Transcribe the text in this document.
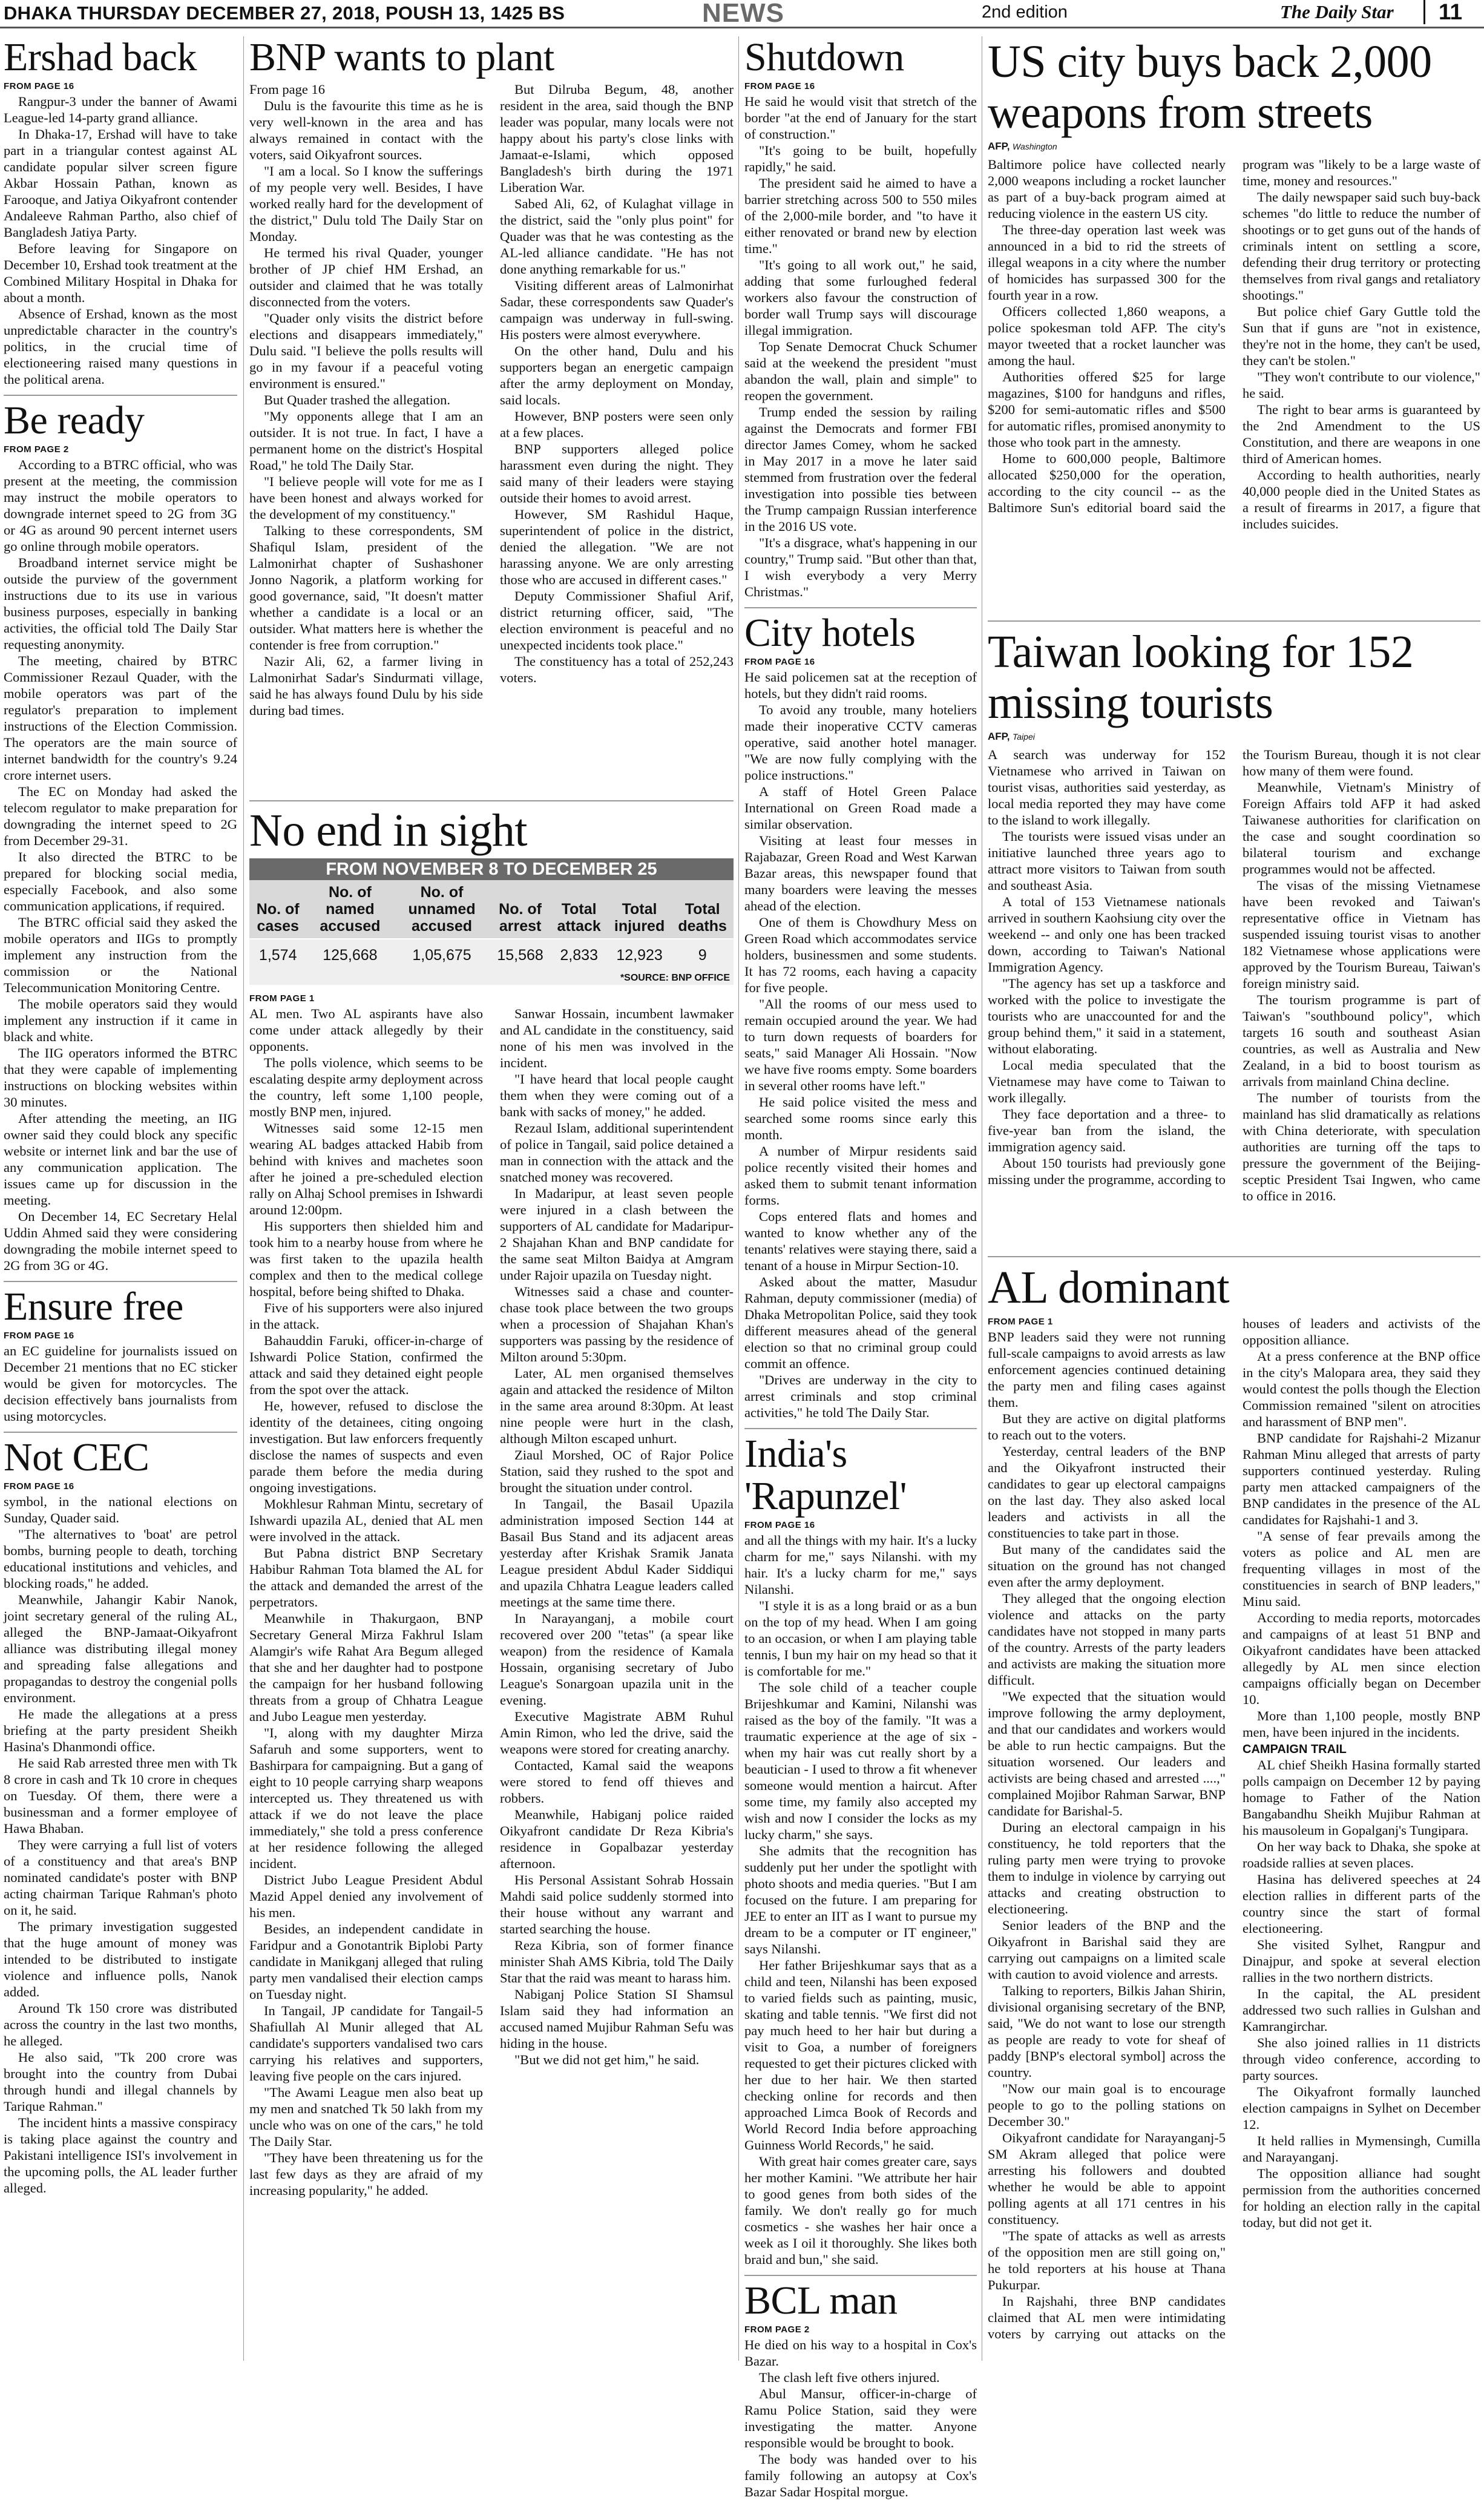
DHAKA THURSDAY DECEMBER 27, 2018, POUSH 13, 1425 BS	NEWS	2nd edition	The Daily Star	11
Ershad back
FROM PAGE 16

Rangpur-3 under the banner of Awami League-led 14-party grand alliance.

In Dhaka-17, Ershad will have to take part in a triangular contest against AL candidate popular silver screen figure Akbar Hossain Pathan, known as Farooque, and Jatiya Oikyafront contender Andaleeve Rahman Partho, also chief of Bangladesh Jatiya Party.

Before leaving for Singapore on December 10, Ershad took treatment at the Combined Military Hospital in Dhaka for about a month.

Absence of Ershad, known as the most unpredictable character in the country's politics, in the crucial time of electioneering raised many questions in the political arena.

Be ready
FROM PAGE 2

According to a BTRC official, who was present at the meeting, the commission may instruct the mobile operators to downgrade internet speed to 2G from 3G or 4G as around 90 percent internet users go online through mobile operators.

Broadband internet service might be outside the purview of the government instructions due to its use in various business purposes, especially in banking activities, the official told The Daily Star requesting anonymity.

The meeting, chaired by BTRC Commissioner Rezaul Quader, with the mobile operators was part of the regulator's preparation to implement instructions of the Election Commission. The operators are the main source of internet bandwidth for the country's 9.24 crore internet users.

The EC on Monday had asked the telecom regulator to make preparation for downgrading the internet speed to 2G from December 29-31.

It also directed the BTRC to be prepared for blocking social media, especially Facebook, and also some communication applications, if required.

The BTRC official said they asked the mobile operators and IIGs to promptly implement any instruction from the commission or the National Telecommunication Monitoring Centre.

The mobile operators said they would implement any instruction if it came in black and white.

The IIG operators informed the BTRC that they were capable of implementing instructions on blocking websites within 30 minutes.

After attending the meeting, an IIG owner said they could block any specific website or internet link and bar the use of any communication application. The issues came up for discussion in the meeting.

On December 14, EC Secretary Helal Uddin Ahmed said they were considering downgrading the mobile internet speed to 2G from 3G or 4G.

Ensure free
FROM PAGE 16

an EC guideline for journalists issued on December 21 mentions that no EC sticker would be given for motorcycles. The decision effectively bans journalists from using motorcycles.

Not CEC
FROM PAGE 16

symbol, in the national elections on Sunday, Quader said.

"The alternatives to 'boat' are petrol bombs, burning people to death, torching educational institutions and vehicles, and blocking roads," he added.

Meanwhile, Jahangir Kabir Nanok, joint secretary general of the ruling AL, alleged the BNP-Jamaat-Oikyafront alliance was distributing illegal money and spreading false allegations and propagandas to destroy the congenial polls environment.

He made the allegations at a press briefing at the party president Sheikh Hasina's Dhanmondi office.

He said Rab arrested three men with Tk 8 crore in cash and Tk 10 crore in cheques on Tuesday. Of them, there were a businessman and a former employee of Hawa Bhaban.

They were carrying a full list of voters of a constituency and that area's BNP nominated candidate's poster with BNP acting chairman Tarique Rahman's photo on it, he said.

The primary investigation suggested that the huge amount of money was intended to be distributed to instigate violence and influence polls, Nanok added.

Around Tk 150 crore was distributed across the country in the last two months, he alleged.

He also said, "Tk 200 crore was brought into the country from Dubai through hundi and illegal channels by Tarique Rahman."

The incident hints a massive conspiracy is taking place against the country and Pakistani intelligence ISI's involvement in the upcoming polls, the AL leader further alleged.

BNP wants to plant

From page 16

Dulu is the favourite this time as he is very well-known in the area and has always remained in contact with the voters, said Oikyafront sources.

"I am a local. So I know the sufferings of my people very well. Besides, I have worked really hard for the development of the district," Dulu told The Daily Star on Monday.

He termed his rival Quader, younger brother of JP chief HM Ershad, an outsider and claimed that he was totally disconnected from the voters.

"Quader only visits the district before elections and disappears immediately," Dulu said. "I believe the polls results will go in my favour if a peaceful voting environment is ensured."

But Quader trashed the allegation.

"My opponents allege that I am an outsider. It is not true. In fact, I have a permanent home on the district's Hospital Road," he told The Daily Star.

"I believe people will vote for me as I have been honest and always worked for the development of my constituency."

Talking to these correspondents, SM Shafiqul Islam, president of the Lalmonirhat chapter of Sushashoner Jonno Nagorik, a platform working for good governance, said, "It doesn't matter whether a candidate is a local or an outsider. What matters here is whether the contender is free from corruption."

Nazir Ali, 62, a farmer living in Lalmonirhat Sadar's Sindurmati village, said he has always found Dulu by his side during bad times.

But Dilruba Begum, 48, another resident in the area, said though the BNP leader was popular, many locals were not happy about his party's close links with Jamaat-e-Islami, which opposed Bangladesh's birth during the 1971 Liberation War.

Sabed Ali, 62, of Kulaghat village in the district, said the "only plus point" for Quader was that he was contesting as the AL-led alliance candidate. "He has not done anything remarkable for us."

Visiting different areas of Lalmonirhat Sadar, these correspondents saw Quader's campaign was underway in full-swing. His posters were almost everywhere.

On the other hand, Dulu and his supporters began an energetic campaign after the army deployment on Monday, said locals.

However, BNP posters were seen only at a few places.

BNP supporters alleged police harassment even during the night. They said many of their leaders were staying outside their homes to avoid arrest.

However, SM Rashidul Haque, superintendent of police in the district, denied the allegation. "We are not harassing anyone. We are only arresting those who are accused in different cases."

Deputy Commissioner Shafiul Arif, district returning officer, said, "The election environment is peaceful and no unexpected incidents took place."

The constituency has a total of 252,243 voters.

No end in sight
FROM NOVEMBER 8 TO DECEMBER 25
No. of cases	No. of named accused	No. of unnamed accused	No. of arrest	Total attack	Total injured	Total deaths
1,574	125,668	1,05,675	15,568	2,833	12,923	9
*SOURCE: BNP OFFICE
FROM PAGE 1

AL men. Two AL aspirants have also come under attack allegedly by their opponents.

The polls violence, which seems to be escalating despite army deployment across the country, left some 1,100 people, mostly BNP men, injured.

Witnesses said some 12-15 men wearing AL badges attacked Habib from behind with knives and machetes soon after he joined a pre-scheduled election rally on Alhaj School premises in Ishwardi around 12:00pm.

His supporters then shielded him and took him to a nearby house from where he was first taken to the upazila health complex and then to the medical college hospital, before being shifted to Dhaka.

Five of his supporters were also injured in the attack.

Bahauddin Faruki, officer-in-charge of Ishwardi Police Station, confirmed the attack and said they detained eight people from the spot over the attack.

He, however, refused to disclose the identity of the detainees, citing ongoing investigation. But law enforcers frequently disclose the names of suspects and even parade them before the media during ongoing investigations.

Mokhlesur Rahman Mintu, secretary of Ishwardi upazila AL, denied that AL men were involved in the attack.

But Pabna district BNP Secretary Habibur Rahman Tota blamed the AL for the attack and demanded the arrest of the perpetrators.

Meanwhile in Thakurgaon, BNP Secretary General Mirza Fakhrul Islam Alamgir's wife Rahat Ara Begum alleged that she and her daughter had to postpone the campaign for her husband following threats from a group of Chhatra League and Jubo League men yesterday.

"I, along with my daughter Mirza Safaruh and some supporters, went to Bashirpara for campaigning. But a gang of eight to 10 people carrying sharp weapons intercepted us. They threatened us with attack if we do not leave the place immediately," she told a press conference at her residence following the alleged incident.

District Jubo League President Abdul Mazid Appel denied any involvement of his men.

Besides, an independent candidate in Faridpur and a Gonotantrik Biplobi Party candidate in Manikganj alleged that ruling party men vandalised their election camps on Tuesday night.

In Tangail, JP candidate for Tangail-5 Shafiullah Al Munir alleged that AL candidate's supporters vandalised two cars carrying his relatives and supporters, leaving five people on the cars injured.

"The Awami League men also beat up my men and snatched Tk 50 lakh from my uncle who was on one of the cars," he told The Daily Star.

"They have been threatening us for the last few days as they are afraid of my increasing popularity," he added.

Sanwar Hossain, incumbent lawmaker and AL candidate in the constituency, said none of his men was involved in the incident.

"I have heard that local people caught them when they were coming out of a bank with sacks of money," he added.

Rezaul Islam, additional superintendent of police in Tangail, said police detained a man in connection with the attack and the snatched money was recovered.

In Madaripur, at least seven people were injured in a clash between the supporters of AL candidate for Madaripur-2 Shajahan Khan and BNP candidate for the same seat Milton Baidya at Amgram under Rajoir upazila on Tuesday night.

Witnesses said a chase and counter-chase took place between the two groups when a procession of Shajahan Khan's supporters was passing by the residence of Milton around 5:30pm.

Later, AL men organised themselves again and attacked the residence of Milton in the same area around 8:30pm. At least nine people were hurt in the clash, although Milton escaped unhurt.

Ziaul Morshed, OC of Rajor Police Station, said they rushed to the spot and brought the situation under control.

In Tangail, the Basail Upazila administration imposed Section 144 at Basail Bus Stand and its adjacent areas yesterday after Krishak Sramik Janata League president Abdul Kader Siddiqui and upazila Chhatra League leaders called meetings at the same time there.

In Narayanganj, a mobile court recovered over 200 "tetas" (a spear like weapon) from the residence of Kamala Hossain, organising secretary of Jubo League's Sonargoan upazila unit in the evening.

Executive Magistrate ABM Ruhul Amin Rimon, who led the drive, said the weapons were stored for creating anarchy.

Contacted, Kamal said the weapons were stored to fend off thieves and robbers.

Meanwhile, Habiganj police raided Oikyafront candidate Dr Reza Kibria's residence in Gopalbazar yesterday afternoon.

His Personal Assistant Sohrab Hossain Mahdi said police suddenly stormed into their house without any warrant and started searching the house.

Reza Kibria, son of former finance minister Shah AMS Kibria, told The Daily Star that the raid was meant to harass him.

Nabiganj Police Station SI Shamsul Islam said they had information an accused named Mujibur Rahman Sefu was hiding in the house.

"But we did not get him," he said.

Shutdown
FROM PAGE 16

He said he would visit that stretch of the border "at the end of January for the start of construction."

"It's going to be built, hopefully rapidly," he said.

The president said he aimed to have a barrier stretching across 500 to 550 miles of the 2,000-mile border, and "to have it either renovated or brand new by election time."

"It's going to all work out," he said, adding that some furloughed federal workers also favour the construction of border wall Trump says will discourage illegal immigration.

Top Senate Democrat Chuck Schumer said at the weekend the president "must abandon the wall, plain and simple" to reopen the government.

Trump ended the session by railing against the Democrats and former FBI director James Comey, whom he sacked in May 2017 in a move he later said stemmed from frustration over the federal investigation into possible ties between the Trump campaign Russian interference in the 2016 US vote.

"It's a disgrace, what's happening in our country," Trump said. "But other than that, I wish everybody a very Merry Christmas."

City hotels
FROM PAGE 16

He said policemen sat at the reception of hotels, but they didn't raid rooms.

To avoid any trouble, many hoteliers made their inoperative CCTV cameras operative, said another hotel manager. "We are now fully complying with the police instructions."

A staff of Hotel Green Palace International on Green Road made a similar observation.

Visiting at least four messes in Rajabazar, Green Road and West Karwan Bazar areas, this newspaper found that many boarders were leaving the messes ahead of the election.

One of them is Chowdhury Mess on Green Road which accommodates service holders, businessmen and some students. It has 72 rooms, each having a capacity for five people.

"All the rooms of our mess used to remain occupied around the year. We had to turn down requests of boarders for seats," said Manager Ali Hossain. "Now we have five rooms empty. Some boarders in several other rooms have left."

He said police visited the mess and searched some rooms since early this month.

A number of Mirpur residents said police recently visited their homes and asked them to submit tenant information forms.

Cops entered flats and homes and wanted to know whether any of the tenants' relatives were staying there, said a tenant of a house in Mirpur Section-10.

Asked about the matter, Masudur Rahman, deputy commissioner (media) of Dhaka Metropolitan Police, said they took different measures ahead of the general election so that no criminal group could commit an offence.

"Drives are underway in the city to arrest criminals and stop criminal activities," he told The Daily Star.

India's 'Rapunzel'
FROM PAGE 16

and all the things with my hair. It's a lucky charm for me," says Nilanshi. with my hair. It's a lucky charm for me," says Nilanshi.

"I style it is as a long braid or as a bun on the top of my head. When I am going to an occasion, or when I am playing table tennis, I bun my hair on my head so that it is comfortable for me."

The sole child of a teacher couple Brijeshkumar and Kamini, Nilanshi was raised as the boy of the family. "It was a traumatic experience at the age of six - when my hair was cut really short by a beautician - I used to throw a fit whenever someone would mention a haircut. After some time, my family also accepted my wish and now I consider the locks as my lucky charm," she says.

She admits that the recognition has suddenly put her under the spotlight with photo shoots and media queries. "But I am focused on the future. I am preparing for JEE to enter an IIT as I want to pursue my dream to be a computer or IT engineer," says Nilanshi.

Her father Brijeshkumar says that as a child and teen, Nilanshi has been exposed to varied fields such as painting, music, skating and table tennis. "We first did not pay much heed to her hair but during a visit to Goa, a number of foreigners requested to get their pictures clicked with her due to her hair. We then started checking online for records and then approached Limca Book of Records and World Record India before approaching Guinness World Records," he said.

With great hair comes greater care, says her mother Kamini. "We attribute her hair to good genes from both sides of the family. We don't really go for much cosmetics - she washes her hair once a week as I oil it thoroughly. She likes both braid and bun," she said.

BCL man
FROM PAGE 2

He died on his way to a hospital in Cox's Bazar.

The clash left five others injured.

Abul Mansur, officer-in-charge of Ramu Police Station, said they were investigating the matter. Anyone responsible would be brought to book.

The body was handed over to his family following an autopsy at Cox's Bazar Sadar Hospital morgue.

US city buys back 2,000 weapons from streets
AFP, Washington

Baltimore police have collected nearly 2,000 weapons including a rocket launcher as part of a buy-back program aimed at reducing violence in the eastern US city.

The three-day operation last week was announced in a bid to rid the streets of illegal weapons in a city where the number of homicides has surpassed 300 for the fourth year in a row.

Officers collected 1,860 weapons, a police spokesman told AFP. The city's mayor tweeted that a rocket launcher was among the haul.

Authorities offered $25 for large magazines, $100 for handguns and rifles, $200 for semi-automatic rifles and $500 for automatic rifles, promised anonymity to those who took part in the amnesty.

Home to 600,000 people, Baltimore allocated $250,000 for the operation, according to the city council -- as the Baltimore Sun's editorial board said the program was "likely to be a large waste of time, money and resources."

The daily newspaper said such buy-back schemes "do little to reduce the number of shootings or to get guns out of the hands of criminals intent on settling a score, defending their drug territory or protecting themselves from rival gangs and retaliatory shootings."

But police chief Gary Guttle told the Sun that if guns are "not in existence, they're not in the home, they can't be used, they can't be stolen."

"They won't contribute to our violence," he said.

The right to bear arms is guaranteed by the 2nd Amendment to the US Constitution, and there are weapons in one third of American homes.

According to health authorities, nearly 40,000 people died in the United States as a result of firearms in 2017, a figure that includes suicides.

Taiwan looking for 152 missing tourists
AFP, Taipei

A search was underway for 152 Vietnamese who arrived in Taiwan on tourist visas, authorities said yesterday, as local media reported they may have come to the island to work illegally.

The tourists were issued visas under an initiative launched three years ago to attract more visitors to Taiwan from south and southeast Asia.

A total of 153 Vietnamese nationals arrived in southern Kaohsiung city over the weekend -- and only one has been tracked down, according to Taiwan's National Immigration Agency.

"The agency has set up a taskforce and worked with the police to investigate the tourists who are unaccounted for and the group behind them," it said in a statement, without elaborating.

Local media speculated that the Vietnamese may have come to Taiwan to work illegally.

They face deportation and a three- to five-year ban from the island, the immigration agency said.

About 150 tourists had previously gone missing under the programme, according to the Tourism Bureau, though it is not clear how many of them were found.

Meanwhile, Vietnam's Ministry of Foreign Affairs told AFP it had asked Taiwanese authorities for clarification on the case and sought coordination so bilateral tourism and exchange programmes would not be affected.

The visas of the missing Vietnamese have been revoked and Taiwan's representative office in Vietnam has suspended issuing tourist visas to another 182 Vietnamese whose applications were approved by the Tourism Bureau, Taiwan's foreign ministry said.

The tourism programme is part of Taiwan's "southbound policy", which targets 16 south and southeast Asian countries, as well as Australia and New Zealand, in a bid to boost tourism as arrivals from mainland China decline.

The number of tourists from the mainland has slid dramatically as relations with China deteriorate, with speculation authorities are turning off the taps to pressure the government of the Beijing-sceptic President Tsai Ingwen, who came to office in 2016.

AL dominant
FROM PAGE 1

BNP leaders said they were not running full-scale campaigns to avoid arrests as law enforcement agencies continued detaining the party men and filing cases against them.

But they are active on digital platforms to reach out to the voters.

Yesterday, central leaders of the BNP and the Oikyafront instructed their candidates to gear up electoral campaigns on the last day. They also asked local leaders and activists in all the constituencies to take part in those.

But many of the candidates said the situation on the ground has not changed even after the army deployment.

They alleged that the ongoing election violence and attacks on the party candidates have not stopped in many parts of the country. Arrests of the party leaders and activists are making the situation more difficult.

"We expected that the situation would improve following the army deployment, and that our candidates and workers would be able to run hectic campaigns. But the situation worsened. Our leaders and activists are being chased and arrested ....," complained Mojibor Rahman Sarwar, BNP candidate for Barishal-5.

During an electoral campaign in his constituency, he told reporters that the ruling party men were trying to provoke them to indulge in violence by carrying out attacks and creating obstruction to electioneering.

Senior leaders of the BNP and the Oikyafront in Barishal said they are carrying out campaigns on a limited scale with caution to avoid violence and arrests.

Talking to reporters, Bilkis Jahan Shirin, divisional organising secretary of the BNP, said, "We do not want to lose our strength as people are ready to vote for sheaf of paddy [BNP's electoral symbol] across the country.

"Now our main goal is to encourage people to go to the polling stations on December 30."

Oikyafront candidate for Narayanganj-5 SM Akram alleged that police were arresting his followers and doubted whether he would be able to appoint polling agents at all 171 centres in his constituency.

"The spate of attacks as well as arrests of the opposition men are still going on," he told reporters at his house at Thana Pukurpar.

In Rajshahi, three BNP candidates claimed that AL men were intimidating voters by carrying out attacks on the houses of leaders and activists of the opposition alliance.

At a press conference at the BNP office in the city's Malopara area, they said they would contest the polls though the Election Commission remained "silent on atrocities and harassment of BNP men".

BNP candidate for Rajshahi-2 Mizanur Rahman Minu alleged that arrests of party supporters continued yesterday. Ruling party men attacked campaigners of the BNP candidates in the presence of the AL candidates for Rajshahi-1 and 3.

"A sense of fear prevails among the voters as police and AL men are frequenting villages in most of the constituencies in search of BNP leaders," Minu said.

According to media reports, motorcades and campaigns of at least 51 BNP and Oikyafront candidates have been attacked allegedly by AL men since election campaigns officially began on December 10.

More than 1,100 people, mostly BNP men, have been injured in the incidents.

CAMPAIGN TRAIL

AL chief Sheikh Hasina formally started polls campaign on December 12 by paying homage to Father of the Nation Bangabandhu Sheikh Mujibur Rahman at his mausoleum in Gopalganj's Tungipara.

On her way back to Dhaka, she spoke at roadside rallies at seven places.

Hasina has delivered speeches at 24 election rallies in different parts of the country since the start of formal electioneering.

She visited Sylhet, Rangpur and Dinajpur, and spoke at several election rallies in the two northern districts.

In the capital, the AL president addressed two such rallies in Gulshan and Kamrangirchar.

She also joined rallies in 11 districts through video conference, according to party sources.

The Oikyafront formally launched election campaigns in Sylhet on December 12.

It held rallies in Mymensingh, Cumilla and Narayanganj.

The opposition alliance had sought permission from the authorities concerned for holding an election rally in the capital today, but did not get it.
